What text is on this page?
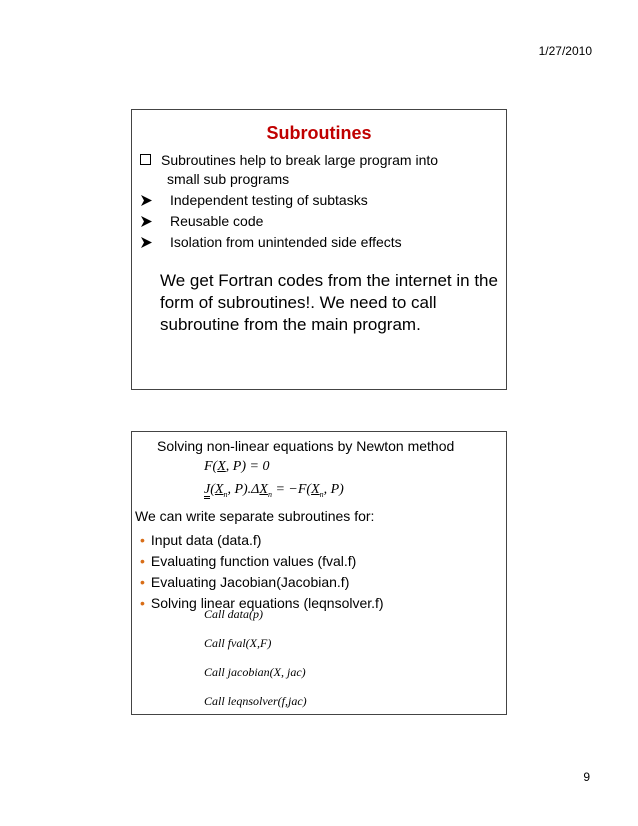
1/27/2010
Subroutines
Subroutines help to break large program into
small sub programs
Independent testing of subtasks
Reusable code
Isolation from unintended side effects
We get Fortran codes from the internet in the form of subroutines!. We need to call subroutine from the main program.
Solving non-linear equations by Newton method
F(X, P) = 0
$J(X_n$, $P).\Delta X_n = -F(X_n$, P)
We can write separate subroutines for:
• Input data (data.f)
• Evaluating function values (fval.f)
• Evaluating Jacobian(Jacobian.f)
• Solving linear equations (leqnsolver.f)
Call data(p)
Call fval(X,F)
Call jacobian(X, jac)
Call leqnsolver(f,jac)
9
